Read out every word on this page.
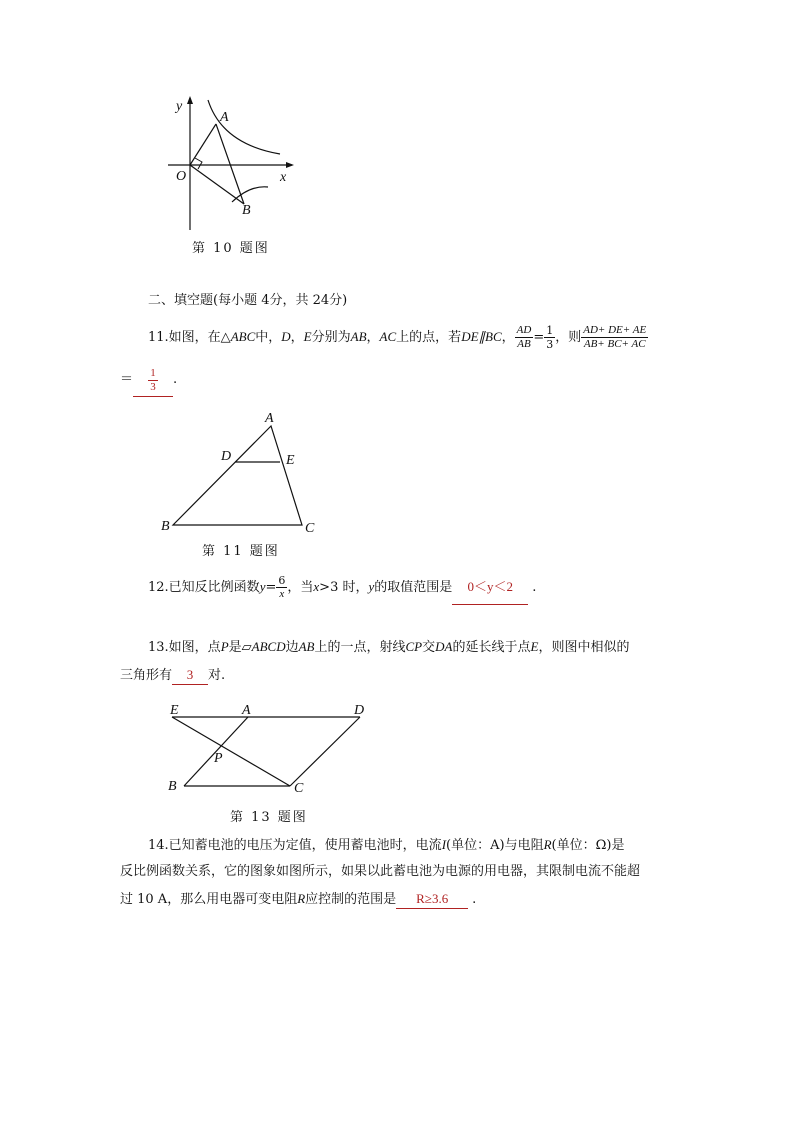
y
A
O	x
B
第 10 题图
二、填空题(每小题 4分，共 24分)
11.如图，在△ABC中，D，E分别为AB，AC上的点，若DE∥BC， $\frac{AD}{AB} = \frac{1}{3}$ ，则 $\frac{AD+ DE+ AE}{AB+ BC+ AC}$
＝ $\frac{1}{3}$ .
A
D	E
B	C
第 11 题图
12.已知反比例函数$y= \frac{6}{x}$ ，当x>3 时，y的取值范围是 0＜y＜2 .
13.如图，点P是▱ABCD边AB上的一点，射线CP交DA的延长线于点E，则图中相似的
三角形有 3 对.
E	A	D
P
B	C
第 13 题图
14.已知蓄电池的电压为定值，使用蓄电池时，电流I(单位：A)与电阻R(单位：Ω)是
反比例函数关系，它的图象如图所示，如果以此蓄电池为电源的用电器，其限制电流不能超
过 10 A，那么用电器可变电阻R应控制的范围是 R≥3.6 .
